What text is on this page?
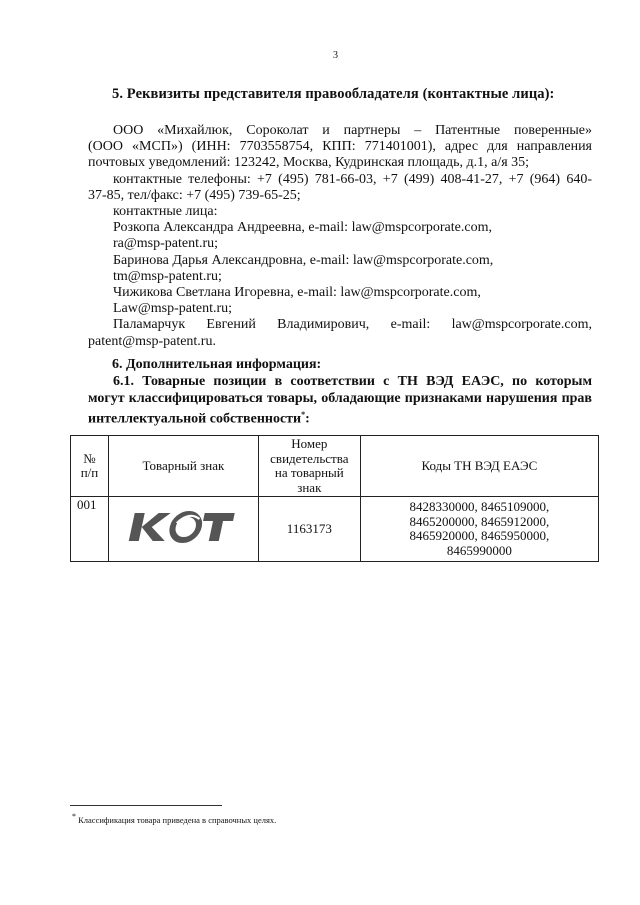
3
5. Реквизиты представителя правообладателя (контактные лица):

ООО «Михайлюк, Сороколат и партнеры – Патентные поверенные»

(ООО «МСП») (ИНН: 7703558754, КПП: 771401001), адрес для направления

почтовых уведомлений: 123242, Москва, Кудринская площадь, д.1, а/я 35;

контактные телефоны: +7 (495) 781-66-03, +7 (499) 408-41-27, +7 (964) 640-

37-85, тел/факс: +7 (495) 739-65-25;

контактные лица:

Розкопа Александра Андреевна, e-mail: law@mspcorporate.com,

ra@msp-patent.ru;

Баринова Дарья Александровна, e-mail: law@mspcorporate.com,

tm@msp-patent.ru;

Чижикова Светлана Игоревна, e-mail: law@mspcorporate.com,

Law@msp-patent.ru;

Паламарчук Евгений Владимирович, e-mail: law@mspcorporate.com,

patent@msp-patent.ru.

6. Дополнительная информация:

6.1. Товарные позиции в соответствии с ТН ВЭД ЕАЭС, по которым

могут классифицироваться товары, обладающие признаками нарушения прав

интеллектуальной собственности*:

№
п/п	Товарный знак	Номер
свидетельства
на товарный
знак	Коды ТН ВЭД ЕАЭС
001		1163173	8428330000, 8465109000,
8465200000, 8465912000,
8465920000, 8465950000,
8465990000
* Классификация товара приведена в справочных целях.
